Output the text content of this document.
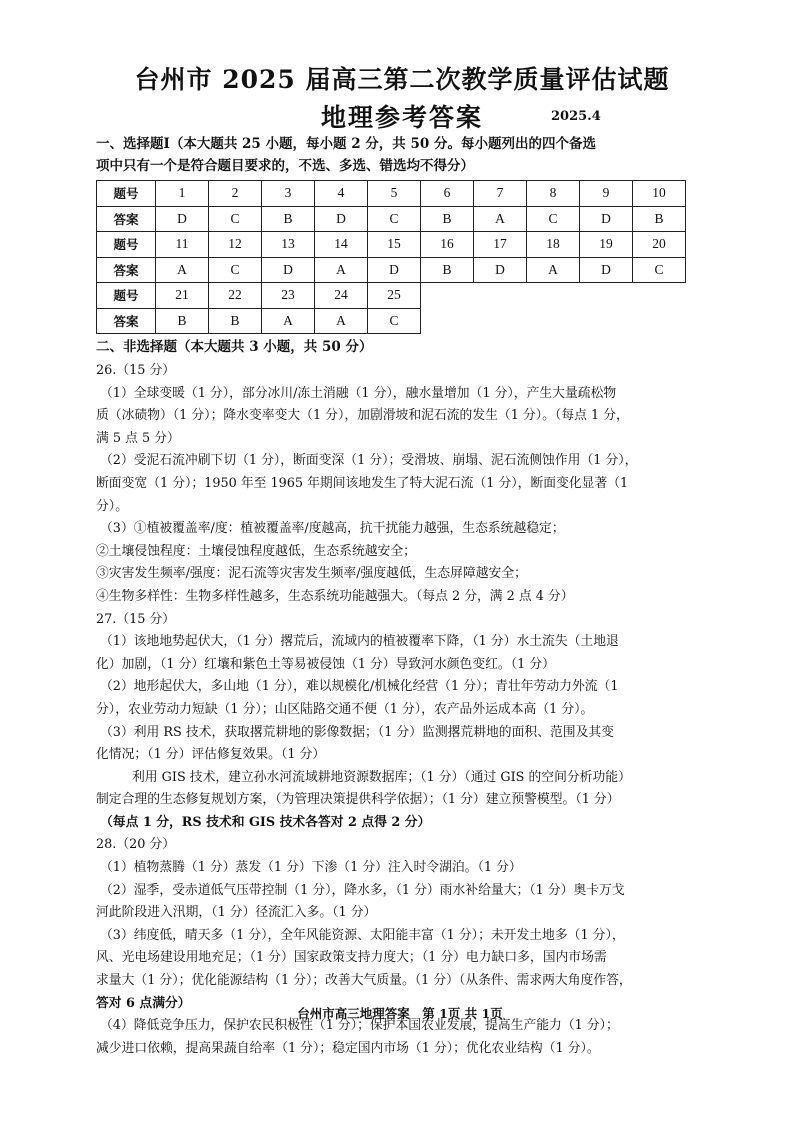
台州市 2025 届高三第二次教学质量评估试题
地理参考答案	2025.4

一、选择题Ⅰ（本大题共 25 小题，每小题 2 分，共 50 分。每小题列出的四个备选

项中只有一个是符合题目要求的，不选、多选、错选均不得分）

题号	1	2	3	4	5	6	7	8	9	10
答案	D	C	B	D	C	B	A	C	D	B
题号	11	12	13	14	15	16	17	18	19	20
答案	A	C	D	A	D	B	D	A	D	C
题号	21	22	23	24	25					
答案	B	B	A	A	C					

二、非选择题（本大题共 3 小题，共 50 分）

26.（15 分）

（1）全球变暖（1 分），部分冰川/冻土消融（1 分），融水量增加（1 分），产生大量疏松物

质（冰碛物）（1 分）；降水变率变大（1 分），加剧滑坡和泥石流的发生（1 分）。（每点 1 分，

满 5 点 5 分）

（2）受泥石流冲刷下切（1 分），断面变深（1 分）；受滑坡、崩塌、泥石流侧蚀作用（1 分），

断面变宽（1 分）；1950 年至 1965 年期间该地发生了特大泥石流（1 分），断面变化显著（1

分）。

（3）①植被覆盖率/度：植被覆盖率/度越高，抗干扰能力越强，生态系统越稳定；

②土壤侵蚀程度：土壤侵蚀程度越低，生态系统越安全；

③灾害发生频率/强度：泥石流等灾害发生频率/强度越低，生态屏障越安全；

④生物多样性：生物多样性越多，生态系统功能越强大。（每点 2 分，满 2 点 4 分）

27.（15 分）

（1）该地地势起伏大，（1 分）撂荒后，流域内的植被覆率下降，（1 分）水土流失（土地退

化）加剧，（1 分）红壤和紫色土等易被侵蚀（1 分）导致河水颜色变红。（1 分）

（2）地形起伏大，多山地（1 分），难以规模化/机械化经营（1 分）；青壮年劳动力外流（1

分），农业劳动力短缺（1 分）；山区陆路交通不便（1 分），农产品外运成本高（1 分）。

（3）利用 RS 技术，获取撂荒耕地的影像数据；（1 分）监测撂荒耕地的面积、范围及其变

化情况；（1 分）评估修复效果。（1 分）

利用 GIS 技术，建立孙水河流域耕地资源数据库；（1 分）（通过 GIS 的空间分析功能）

制定合理的生态修复规划方案，（为管理决策提供科学依据）；（1 分）建立预警模型。（1 分）

（每点 1 分，RS 技术和 GIS 技术各答对 2 点得 2 分）

28.（20 分）

（1）植物蒸腾（1 分）蒸发（1 分）下渗（1 分）注入时令湖泊。（1 分）

（2）湿季，受赤道低气压带控制（1 分），降水多，（1 分）雨水补给量大；（1 分）奥卡万戈

河此阶段进入汛期，（1 分）径流汇入多。（1 分）

（3）纬度低，晴天多（1 分），全年风能资源、太阳能丰富（1 分）；未开发土地多（1 分），

风、光电场建设用地充足；（1 分）国家政策支持力度大；（1 分）电力缺口多，国内市场需

求量大（1 分）；优化能源结构（1 分）；改善大气质量。（1 分）（从条件、需求两大角度作答，

答对 6 点满分）

（4）降低竞争压力，保护农民积极性（1 分）；保护本国农业发展，提高生产能力（1 分）；

减少进口依赖，提高果蔬自给率（1 分）；稳定国内市场（1 分）；优化农业结构（1 分）。

台州市高三地理答案　第 1页 共 1页
